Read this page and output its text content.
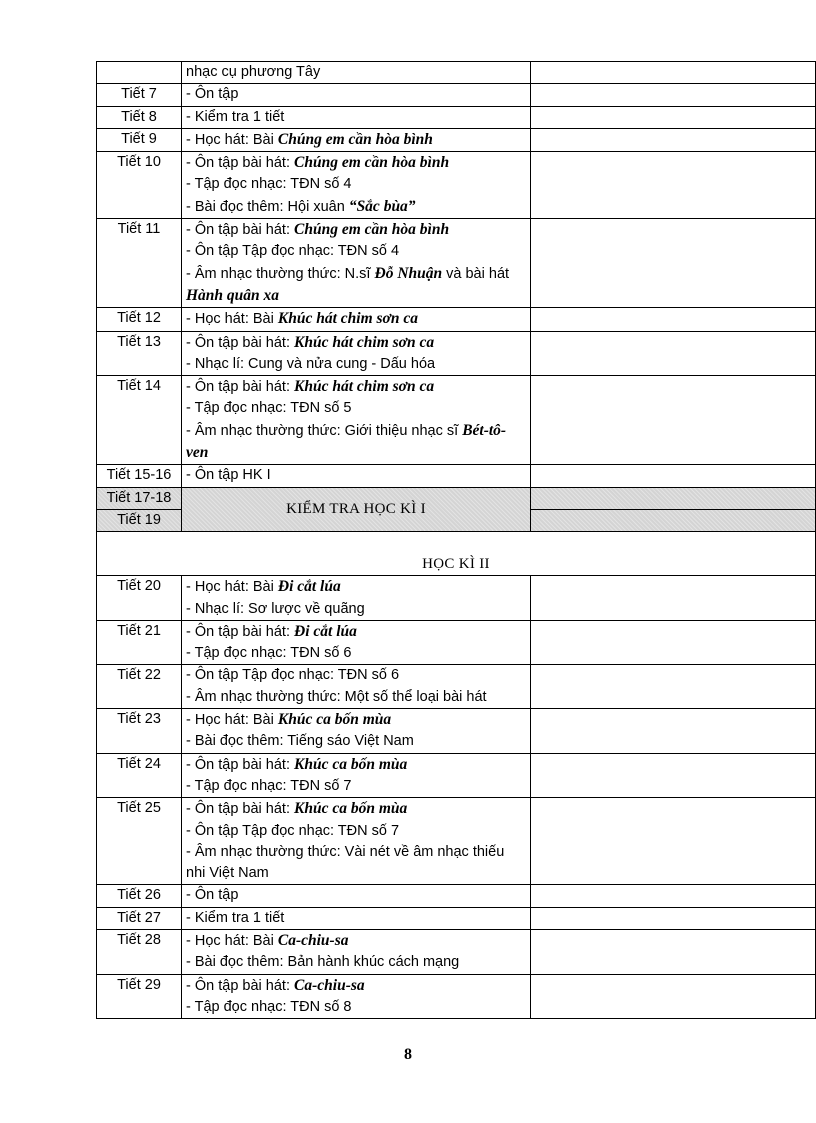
	nhạc cụ phương Tây	

Tiết 7	- Ôn tập	

Tiết 8	- Kiểm tra 1 tiết	

Tiết 9	- Học hát: Bài Chúng em cần hòa bình	

Tiết 10	- Ôn tập bài hát: Chúng em cần hòa bình
- Tập đọc nhạc: TĐN số 4
- Bài đọc thêm: Hội xuân “Sắc bùa”	

Tiết 11	- Ôn tập bài hát: Chúng em cần hòa bình
- Ôn tập Tập đọc nhạc: TĐN số 4
- Âm nhạc thường thức: N.sĩ Đỗ Nhuận và bài hát Hành quân xa	

Tiết 12	- Học hát: Bài Khúc hát chim sơn ca	

Tiết 13	- Ôn tập bài hát: Khúc hát chim sơn ca
- Nhạc lí: Cung và nửa cung - Dấu hóa	

Tiết 14	- Ôn tập bài hát: Khúc hát chim sơn ca
- Tập đọc nhạc: TĐN số 5
- Âm nhạc thường thức: Giới thiệu nhạc sĩ Bét-tô-ven	

Tiết 15-16	- Ôn tập HK I	

Tiết 17-18	KIỂM TRA HỌC KÌ I	
Tiết 19		
HỌC KÌ II		
Tiết 20	- Học hát: Bài Đi cắt lúa
- Nhạc lí: Sơ lược về quãng	

Tiết 21	- Ôn tập bài hát: Đi cắt lúa
- Tập đọc nhạc: TĐN số 6	

Tiết 22	- Ôn tập Tập đọc nhạc: TĐN số 6
- Âm nhạc thường thức: Một số thể loại bài hát	

Tiết 23	- Học hát: Bài Khúc ca bốn mùa
- Bài đọc thêm: Tiếng sáo Việt Nam	

Tiết 24	- Ôn tập bài hát: Khúc ca bốn mùa
- Tập đọc nhạc: TĐN số 7	

Tiết 25	- Ôn tập bài hát: Khúc ca bốn mùa
- Ôn tập Tập đọc nhạc: TĐN số 7
- Âm nhạc thường thức: Vài nét về âm nhạc thiếu nhi Việt Nam	

Tiết 26	- Ôn tập	

Tiết 27	- Kiểm tra 1 tiết	

Tiết 28	- Học hát: Bài Ca-chiu-sa
- Bài đọc thêm: Bản hành khúc cách mạng	

Tiết 29	- Ôn tập bài hát: Ca-chiu-sa
- Tập đọc nhạc: TĐN số 8	

8
